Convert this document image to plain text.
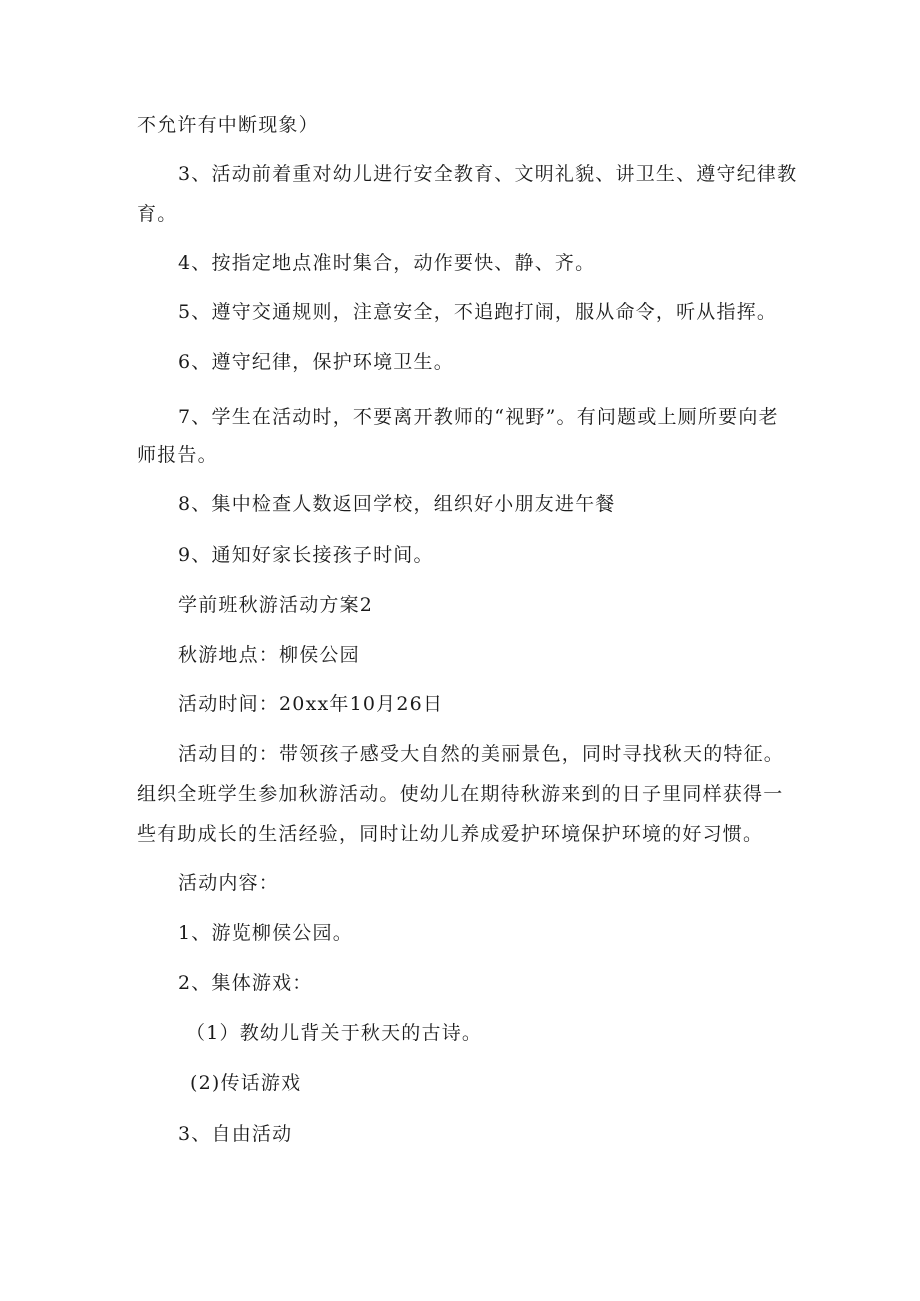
不允许有中断现象）
3、活动前着重对幼儿进行安全教育、文明礼貌、讲卫生、遵守纪律教
育。
4、按指定地点准时集合，动作要快、静、齐。
5、遵守交通规则，注意安全，不追跑打闹，服从命令，听从指挥。
6、遵守纪律，保护环境卫生。
7、学生在活动时，不要离开教师的“视野”。有问题或上厕所要向老
师报告。
8、集中检查人数返回学校，组织好小朋友进午餐
9、通知好家长接孩子时间。
学前班秋游活动方案2
秋游地点：柳侯公园
活动时间：20xx年10月26日
活动目的：带领孩子感受大自然的美丽景色，同时寻找秋天的特征。
组织全班学生参加秋游活动。使幼儿在期待秋游来到的日子里同样获得一
些有助成长的生活经验，同时让幼儿养成爱护环境保护环境的好习惯。
活动内容：
1、游览柳侯公园。
2、集体游戏：
（1）教幼儿背关于秋天的古诗。
(2)传话游戏
3、自由活动
